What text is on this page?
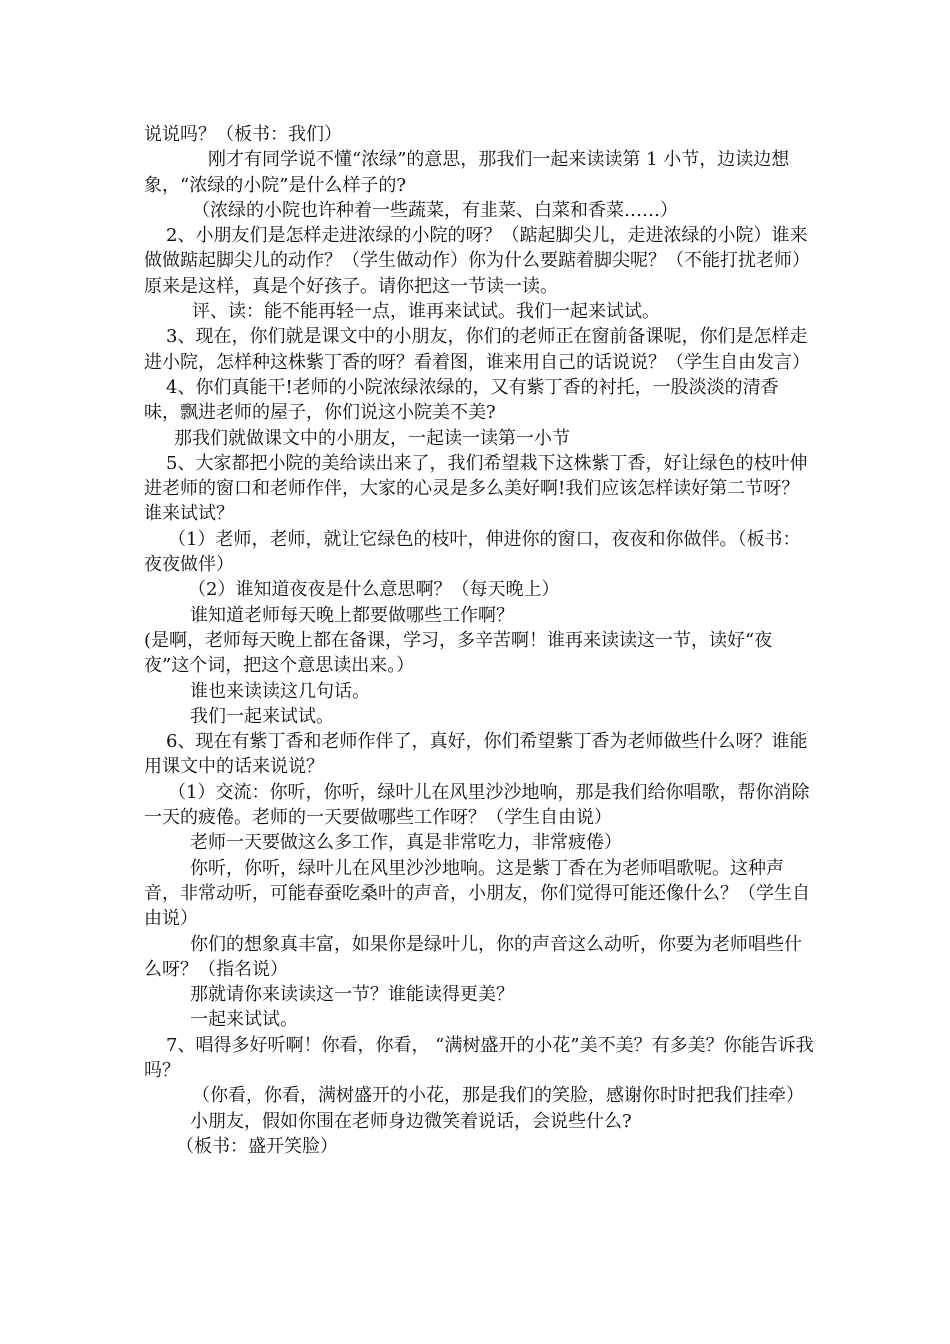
说说吗？（板书：我们）

刚才有同学说不懂“浓绿”的意思，那我们一起来读读第 1 小节，边读边想象，“浓绿的小院”是什么样子的?

（浓绿的小院也许种着一些蔬菜，有韭菜、白菜和香菜……）

2、小朋友们是怎样走进浓绿的小院的呀？（踮起脚尖儿，走进浓绿的小院）谁来做做踮起脚尖儿的动作？（学生做动作）你为什么要踮着脚尖呢？（不能打扰老师）原来是这样，真是个好孩子。请你把这一节读一读。

评、读：能不能再轻一点，谁再来试试。我们一起来试试。

3、现在，你们就是课文中的小朋友，你们的老师正在窗前备课呢，你们是怎样走进小院，怎样种这株紫丁香的呀？看着图，谁来用自己的话说说？（学生自由发言）

4、你们真能干!老师的小院浓绿浓绿的，又有紫丁香的衬托，一股淡淡的清香味，飘进老师的屋子，你们说这小院美不美?

那我们就做课文中的小朋友，一起读一读第一小节

5、大家都把小院的美给读出来了，我们希望栽下这株紫丁香，好让绿色的枝叶伸进老师的窗口和老师作伴，大家的心灵是多么美好啊!我们应该怎样读好第二节呀？谁来试试？

（1）老师，老师，就让它绿色的枝叶，伸进你的窗口，夜夜和你做伴。（板书：夜夜做伴）

（2）谁知道夜夜是什么意思啊？（每天晚上）

谁知道老师每天晚上都要做哪些工作啊？

(是啊，老师每天晚上都在备课，学习，多辛苦啊！谁再来读读这一节，读好“夜夜”这个词，把这个意思读出来。）

谁也来读读这几句话。

我们一起来试试。

6、现在有紫丁香和老师作伴了，真好，你们希望紫丁香为老师做些什么呀？谁能用课文中的话来说说？

（1）交流：你听，你听，绿叶儿在风里沙沙地响，那是我们给你唱歌，帮你消除一天的疲倦。老师的一天要做哪些工作呀？（学生自由说）

老师一天要做这么多工作，真是非常吃力，非常疲倦）

你听，你听，绿叶儿在风里沙沙地响。这是紫丁香在为老师唱歌呢。这种声音，非常动听，可能春蚕吃桑叶的声音，小朋友，你们觉得可能还像什么？（学生自由说）

你们的想象真丰富，如果你是绿叶儿，你的声音这么动听，你要为老师唱些什么呀？（指名说）

那就请你来读读这一节？谁能读得更美？

一起来试试。

7、唱得多好听啊！你看，你看， “满树盛开的小花”美不美？有多美？你能告诉我吗？

（你看，你看，满树盛开的小花，那是我们的笑脸，感谢你时时把我们挂牵）

小朋友，假如你围在老师身边微笑着说话，会说些什么?

（板书：盛开笑脸）
